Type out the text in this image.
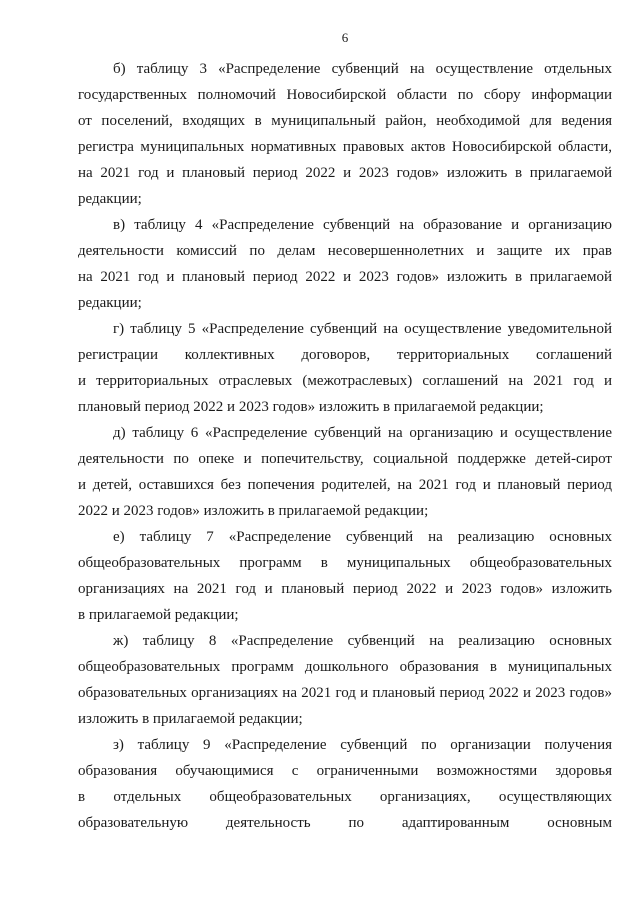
6
б) таблицу 3 «Распределение субвенций на осуществление отдельных
государственных полномочий Новосибирской области по сбору информации
от поселений, входящих в муниципальный район, необходимой для ведения
регистра муниципальных нормативных правовых актов Новосибирской области,
на 2021 год и плановый период 2022 и 2023 годов» изложить в прилагаемой
редакции;
в) таблицу 4 «Распределение субвенций на образование и организацию
деятельности комиссий по делам несовершеннолетних и защите их прав
на 2021 год и плановый период 2022 и 2023 годов» изложить в прилагаемой
редакции;
г) таблицу 5 «Распределение субвенций на осуществление уведомительной
регистрации коллективных договоров, территориальных соглашений
и территориальных отраслевых (межотраслевых) соглашений на 2021 год и
плановый период 2022 и 2023 годов» изложить в прилагаемой редакции;
д) таблицу 6 «Распределение субвенций на организацию и осуществление
деятельности по опеке и попечительству, социальной поддержке детей-сирот
и детей, оставшихся без попечения родителей, на 2021 год и плановый период
2022 и 2023 годов» изложить в прилагаемой редакции;
е) таблицу 7 «Распределение субвенций на реализацию основных
общеобразовательных программ в муниципальных общеобразовательных
организациях на 2021 год и плановый период 2022 и 2023 годов» изложить
в прилагаемой редакции;
ж) таблицу 8 «Распределение субвенций на реализацию основных
общеобразовательных программ дошкольного образования в муниципальных
образовательных организациях на 2021 год и плановый период 2022 и 2023 годов»
изложить в прилагаемой редакции;
з) таблицу 9 «Распределение субвенций по организации получения
образования обучающимися с ограниченными возможностями здоровья
в отдельных общеобразовательных организациях, осуществляющих
образовательную деятельность по адаптированным основным
